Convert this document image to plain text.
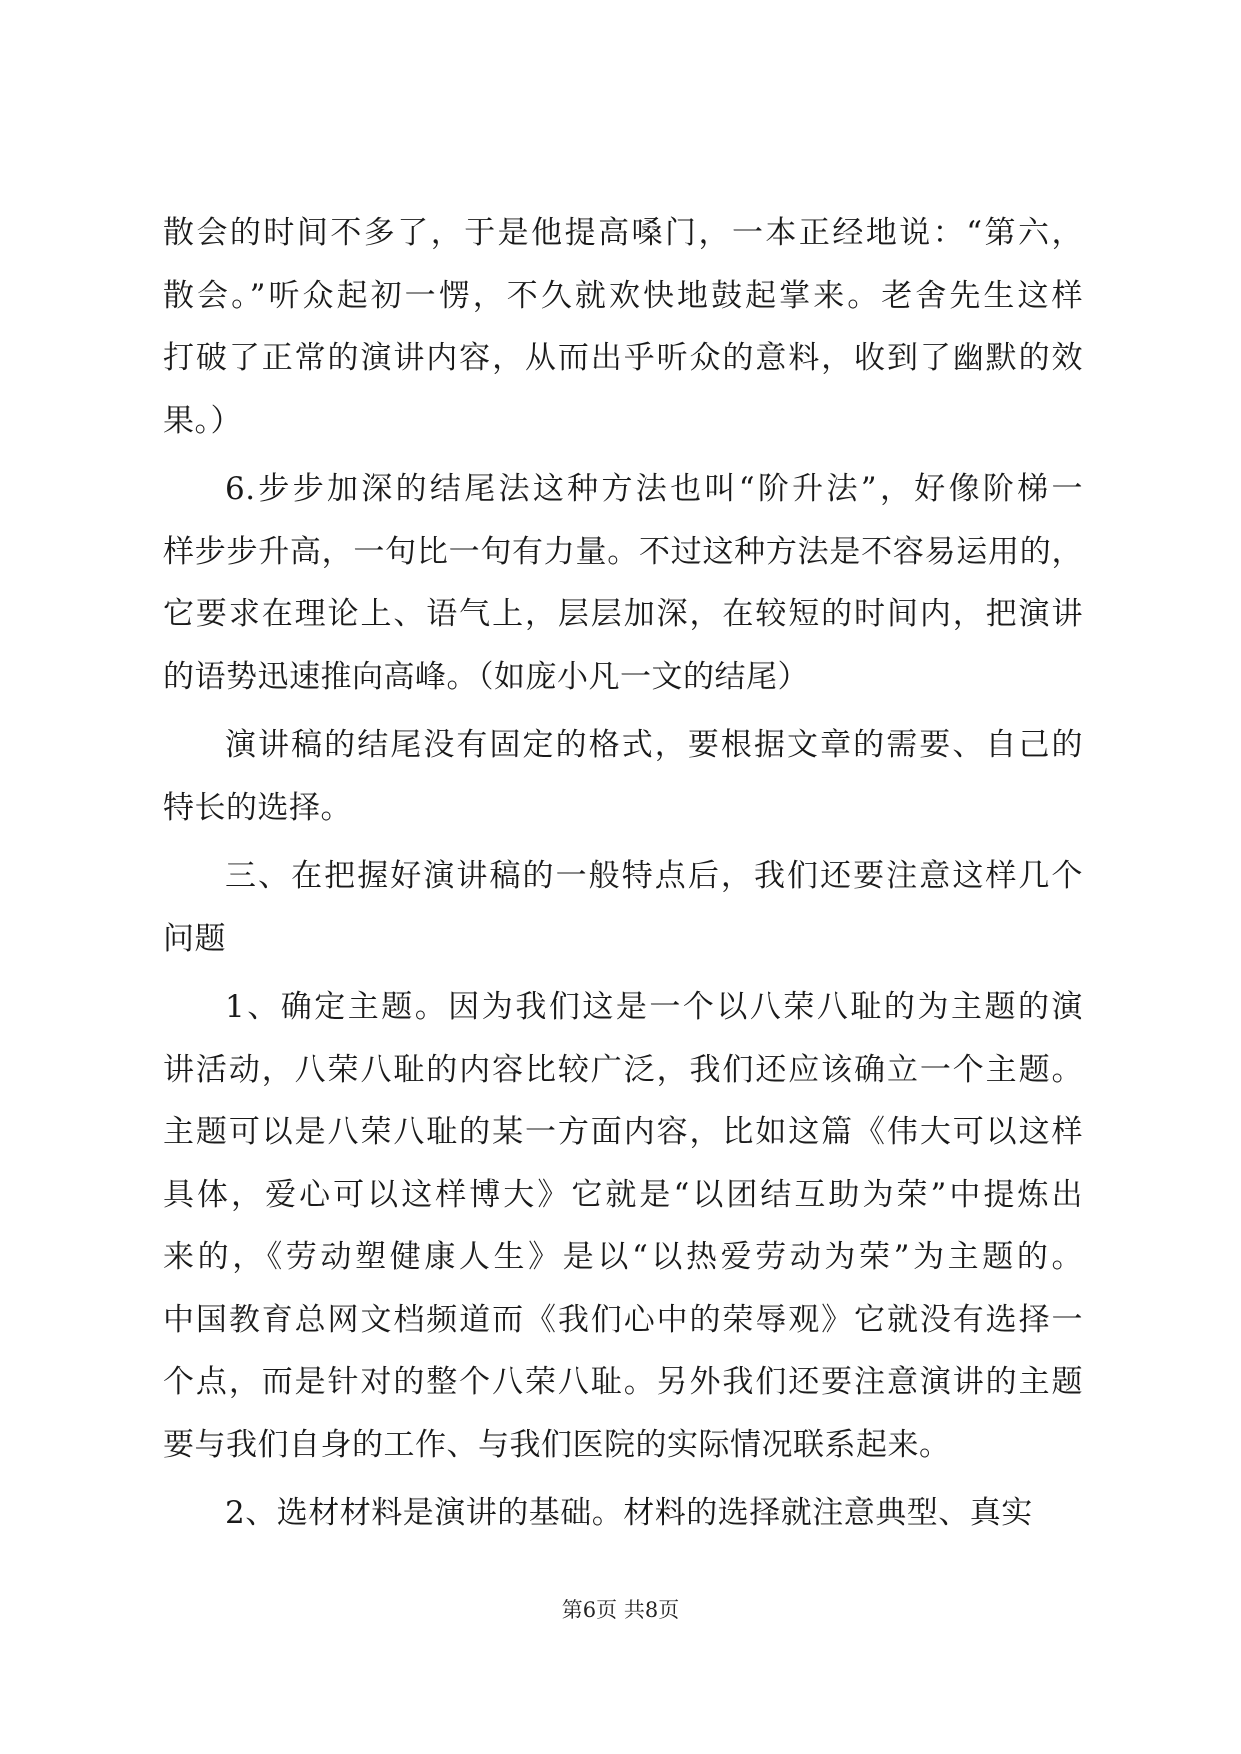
散会的时间不多了，于是他提高嗓门，一本正经地说：“第六，
散会。”听众起初一愣，不久就欢快地鼓起掌来。老舍先生这样
打破了正常的演讲内容，从而出乎听众的意料，收到了幽默的效
果。）
6.步步加深的结尾法这种方法也叫“阶升法”，好像阶梯一
样步步升高，一句比一句有力量。不过这种方法是不容易运用的，
它要求在理论上、语气上，层层加深，在较短的时间内，把演讲
的语势迅速推向高峰。（如庞小凡一文的结尾）
演讲稿的结尾没有固定的格式，要根据文章的需要、自己的
特长的选择。
三、在把握好演讲稿的一般特点后，我们还要注意这样几个
问题
1、确定主题。因为我们这是一个以八荣八耻的为主题的演
讲活动，八荣八耻的内容比较广泛，我们还应该确立一个主题。
主题可以是八荣八耻的某一方面内容，比如这篇《伟大可以这样
具体，爱心可以这样博大》它就是“以团结互助为荣”中提炼出
来的，《劳动塑健康人生》是以“以热爱劳动为荣”为主题的。
中国教育总网文档频道而《我们心中的荣辱观》它就没有选择一
个点，而是针对的整个八荣八耻。另外我们还要注意演讲的主题
要与我们自身的工作、与我们医院的实际情况联系起来。
2、选材材料是演讲的基础。材料的选择就注意典型、真实
第6页 共8页
